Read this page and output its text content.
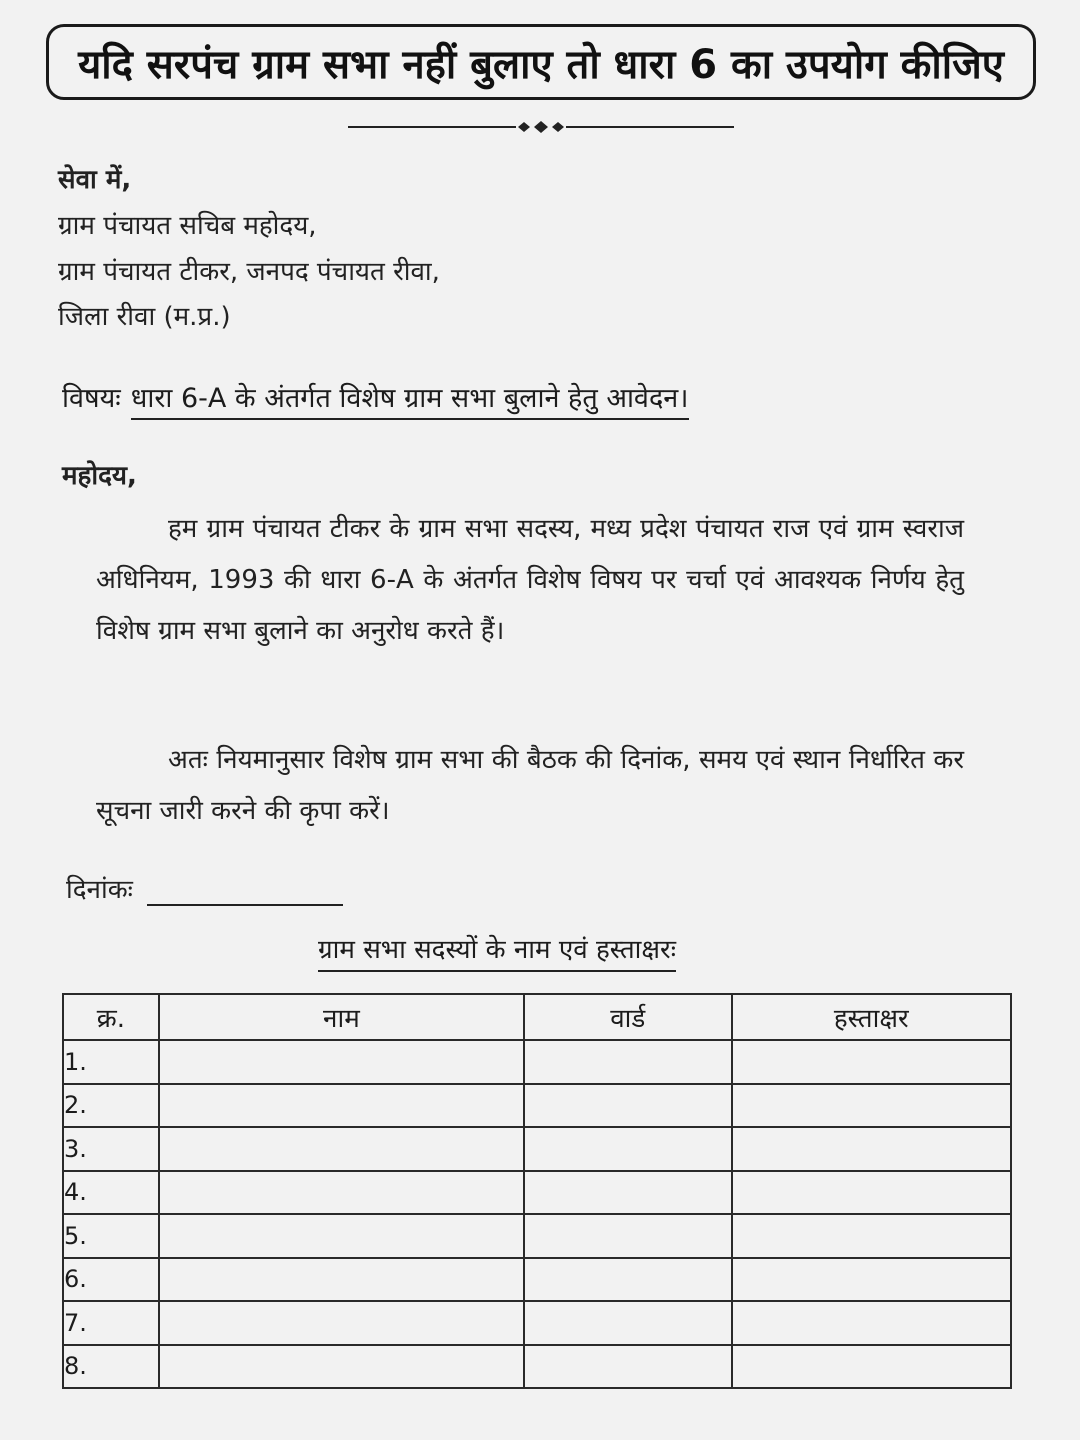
यदि सरपंच ग्राम सभा नहीं बुलाए तो धारा 6 का उपयोग कीजिए
सेवा में,
ग्राम पंचायत सचिब महोदय,
ग्राम पंचायत टीकर, जनपद पंचायत रीवा,
जिला रीवा (म.प्र.)
विषयः धारा 6-A के अंतर्गत विशेष ग्राम सभा बुलाने हेतु आवेदन।
महोदय,
हम ग्राम पंचायत टीकर के ग्राम सभा सदस्य, मध्य प्रदेश पंचायत राज एवं ग्राम स्वराज अधिनियम, 1993 की धारा 6-A के अंतर्गत विशेष विषय पर चर्चा एवं आवश्यक निर्णय हेतु विशेष ग्राम सभा बुलाने का अनुरोध करते हैं।
अतः नियमानुसार विशेष ग्राम सभा की बैठक की दिनांक, समय एवं स्थान निर्धारित कर सूचना जारी करने की कृपा करें।
दिनांकः
ग्राम सभा सदस्यों के नाम एवं हस्ताक्षरः
क्र.	नाम	वार्ड	हस्ताक्षर
1.			
2.			
3.			
4.			
5.			
6.			
7.			
8.			
